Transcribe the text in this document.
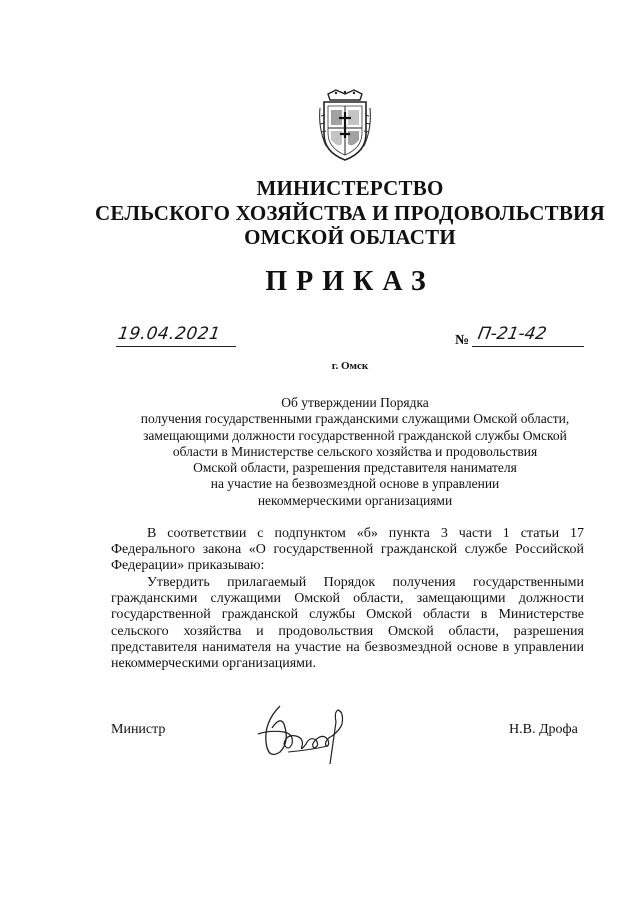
МИНИСТЕРСТВО
СЕЛЬСКОГО ХОЗЯЙСТВА И ПРОДОВОЛЬСТВИЯ
ОМСКОЙ ОБЛАСТИ
ПРИКАЗ
19.04.2021	№ П-21-42
г. Омск
Об утверждении Порядка
получения государственными гражданскими служащими Омской области,
замещающими должности государственной гражданской службы Омской
области в Министерстве сельского хозяйства и продовольствия
Омской области, разрешения представителя нанимателя
на участие на безвозмездной основе в управлении
некоммерческими организациями
В соответствии с подпунктом «б» пункта 3 части 1 статьи 17
Федерального закона «О государственной гражданской службе Российской
Федерации» приказываю:
Утвердить прилагаемый Порядок получения государственными
гражданскими служащими Омской области, замещающими должности
государственной гражданской службы Омской области в Министерстве
сельского хозяйства и продовольствия Омской области, разрешения
представителя нанимателя на участие на безвозмездной основе в управлении
некоммерческими организациями.
Министр	Н.В. Дрофа
